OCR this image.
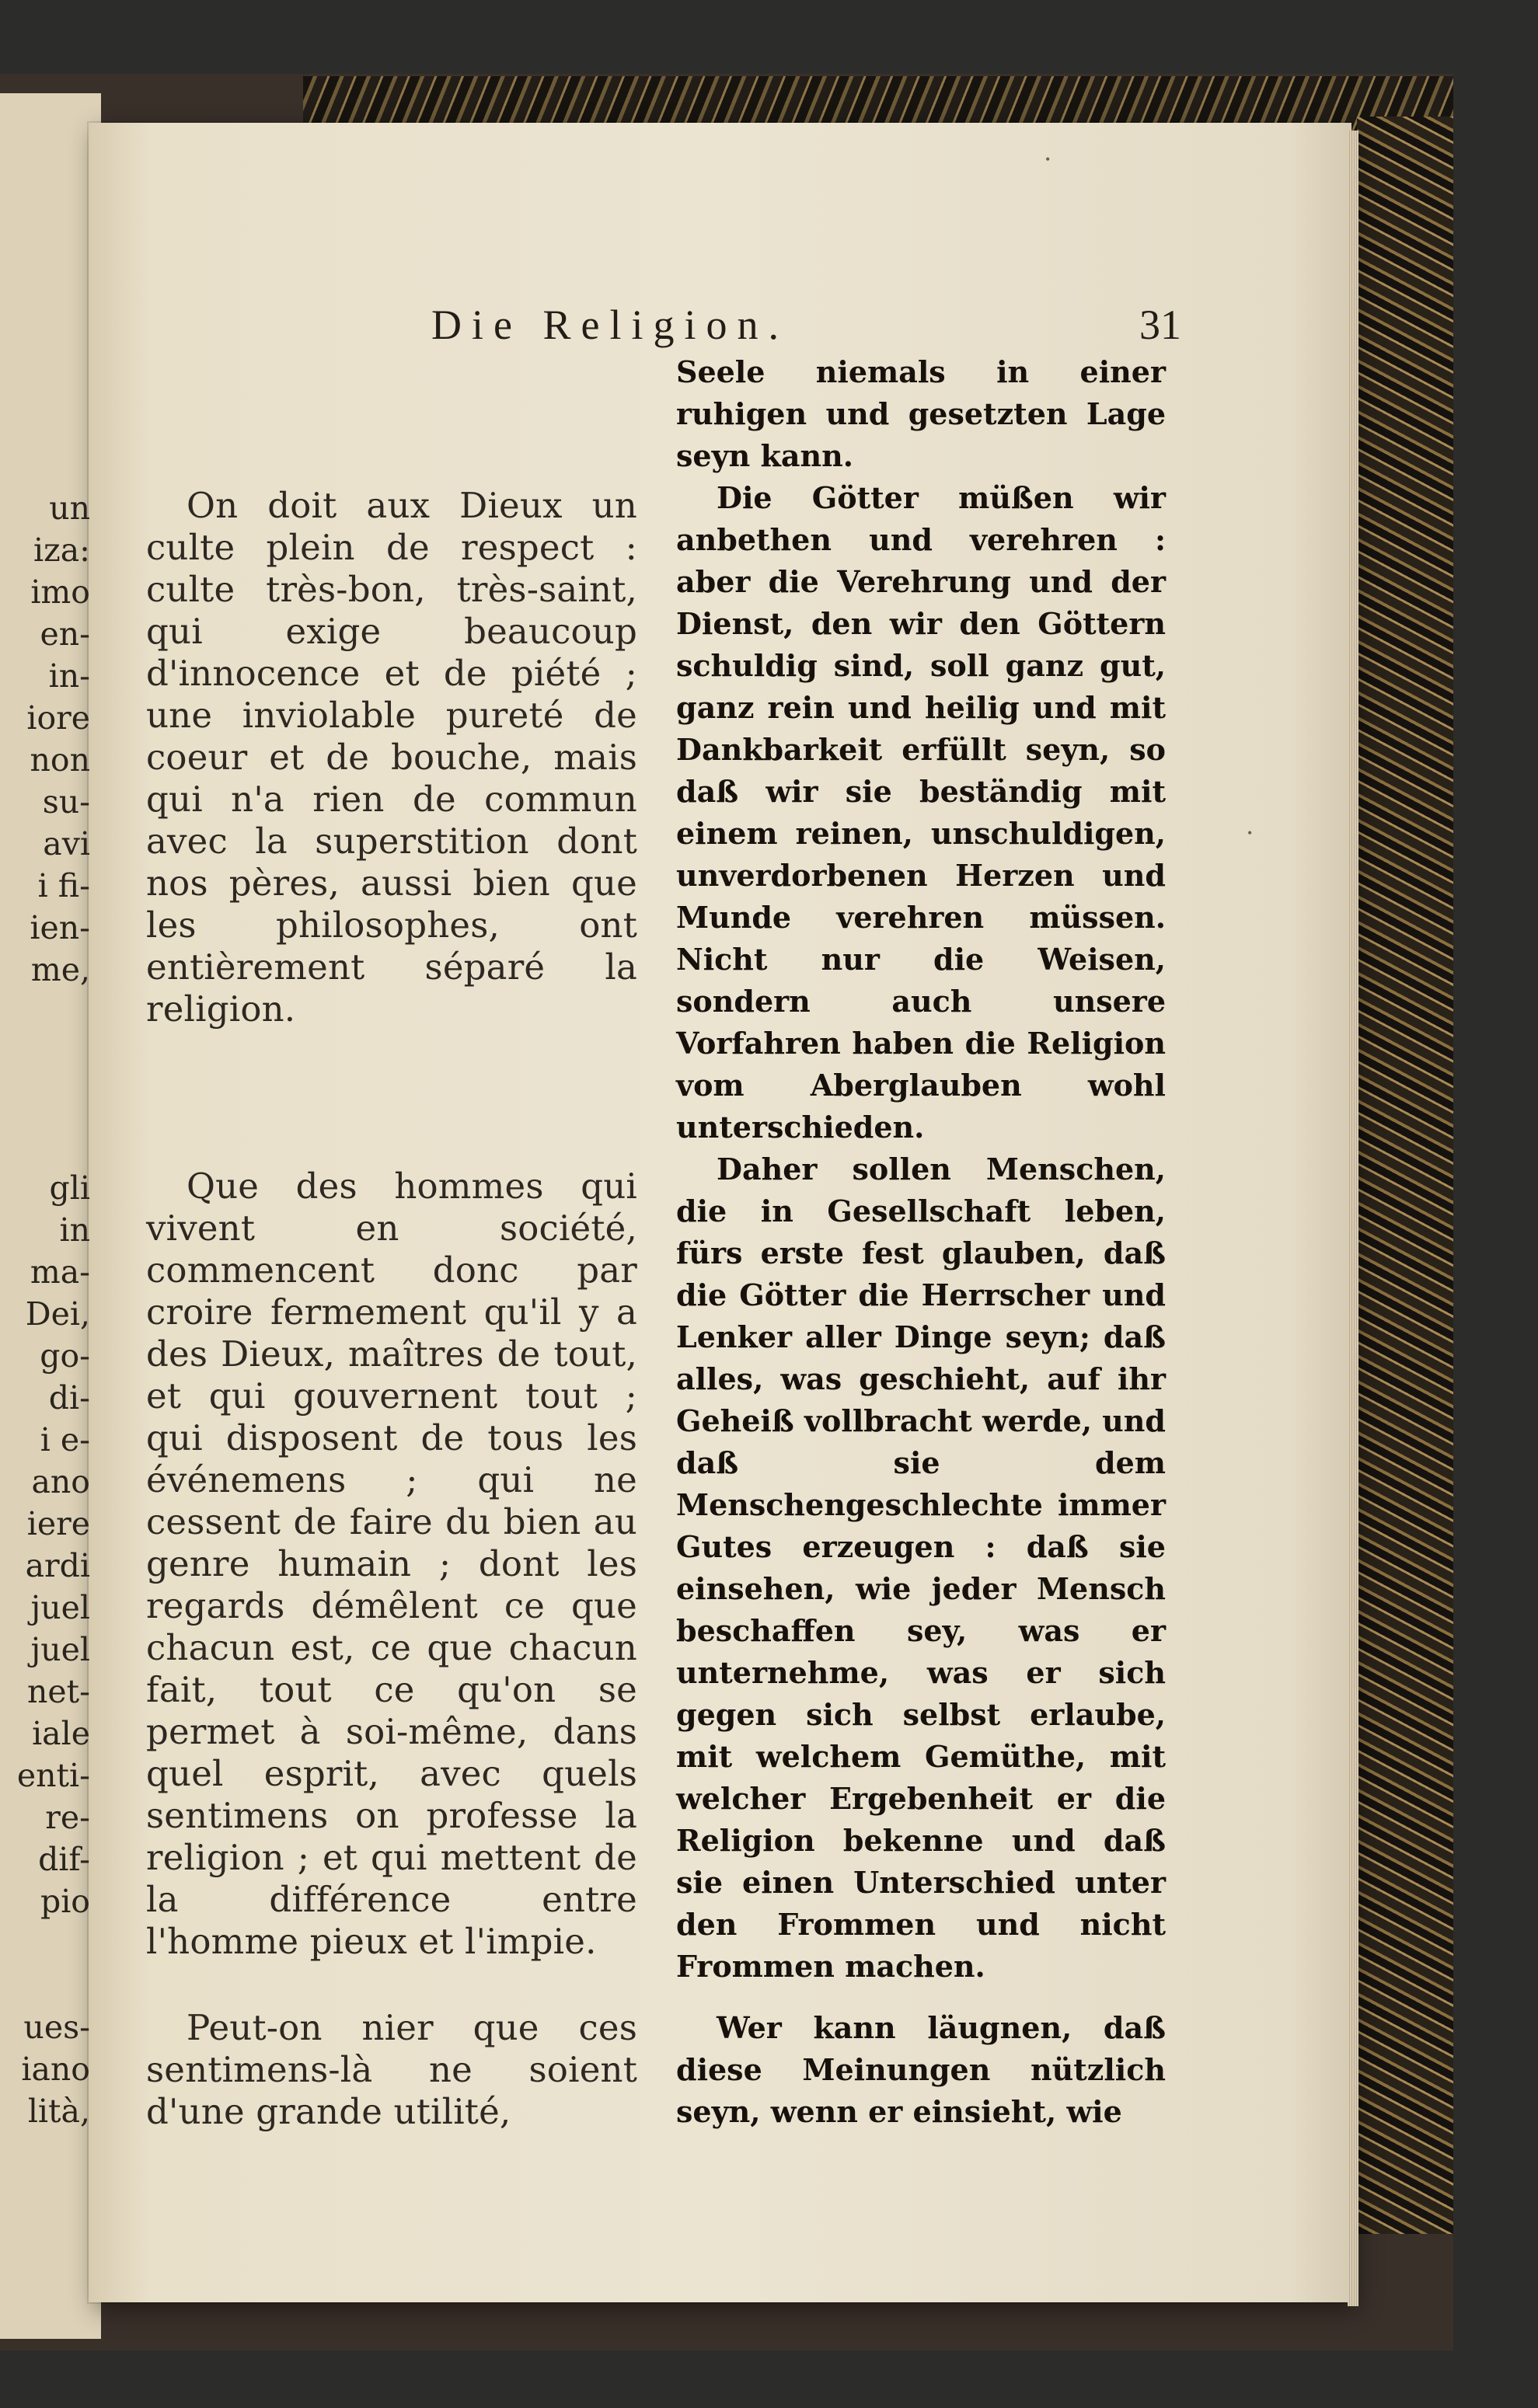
un
iza:
imo
en-
in-
iore
non
su-
avi
i fi-
ien-
me,
gli
in
ma-
Dei,
go-
di-
i e-
ano
iere
ardi
juel
juel
net-
iale
enti-
re-
dif-
pio
ues-
iano
lità,
Die Religion.	31
On doit aux Dieux un culte plein de respect : culte très-bon, très-saint, qui exige beaucoup d'innocence et de piété ; une inviolable pureté de coeur et de bouche, mais qui n'a rien de commun avec la superstition dont nos pères, aussi bien que les philosophes, ont entièrement séparé la religion.
Que des hommes qui vivent en société, commencent donc par croire fermement qu'il y a des Dieux, maîtres de tout, et qui gouvernent tout ; qui disposent de tous les événemens ; qui ne cessent de faire du bien au genre humain ; dont les regards démêlent ce que chacun est, ce que chacun fait, tout ce qu'on se permet à soi-même, dans quel esprit, avec quels sentimens on professe la religion ; et qui mettent de la différence entre l'homme pieux et l'impie.
Peut-on nier que ces sentimens-là ne soient d'une grande utilité,
Seele niemals in einer ruhigen und gesetzten Lage seyn kann.
Die Götter müßen wir anbethen und verehren : aber die Verehrung und der Dienst, den wir den Göttern schuldig sind, soll ganz gut, ganz rein und heilig und mit Dankbarkeit erfüllt seyn, so daß wir sie beständig mit einem reinen, unschuldigen, unverdorbenen Herzen und Munde verehren müssen. Nicht nur die Weisen, sondern auch unsere Vorfahren haben die Religion vom Aberglauben wohl unterschieden.
Daher sollen Menschen, die in Gesellschaft leben, fürs erste fest glauben, daß die Götter die Herrscher und Lenker aller Dinge seyn; daß alles, was geschieht, auf ihr Geheiß vollbracht werde, und daß sie dem Menschengeschlechte immer Gutes erzeugen : daß sie einsehen, wie jeder Mensch beschaffen sey, was er unternehme, was er sich gegen sich selbst erlaube, mit welchem Gemüthe, mit welcher Ergebenheit er die Religion bekenne und daß sie einen Unterschied unter den Frommen und nicht Frommen machen.
Wer kann läugnen, daß diese Meinungen nützlich seyn, wenn er einsieht, wie
•
•
